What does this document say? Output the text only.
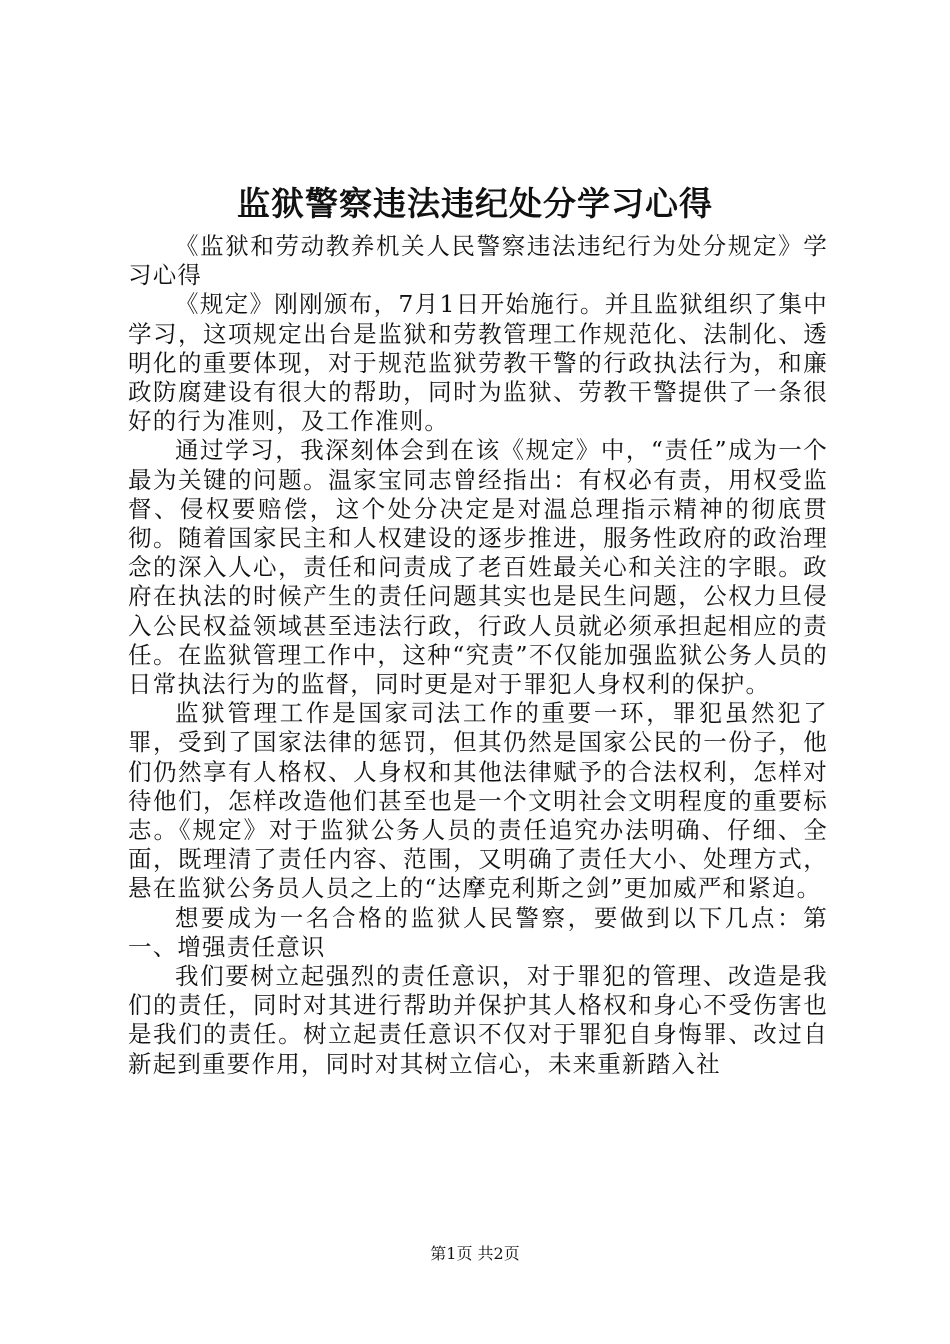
监狱警察违法违纪处分学习心得

《监狱和劳动教养机关人民警察违法违纪行为处分规定》学习心得

《规定》刚刚颁布，7月1日开始施行。并且监狱组织了集中学习，这项规定出台是监狱和劳教管理工作规范化、法制化、透明化的重要体现，对于规范监狱劳教干警的行政执法行为，和廉政防腐建设有很大的帮助，同时为监狱、劳教干警提供了一条很好的行为准则，及工作准则。

通过学习，我深刻体会到在该《规定》中，“责任”成为一个最为关键的问题。温家宝同志曾经指出：有权必有责，用权受监督、侵权要赔偿，这个处分决定是对温总理指示精神的彻底贯彻。随着国家民主和人权建设的逐步推进，服务性政府的政治理念的深入人心，责任和问责成了老百姓最关心和关注的字眼。政府在执法的时候产生的责任问题其实也是民生问题，公权力旦侵入公民权益领域甚至违法行政，行政人员就必须承担起相应的责任。在监狱管理工作中，这种“究责”不仅能加强监狱公务人员的日常执法行为的监督，同时更是对于罪犯人身权利的保护。

监狱管理工作是国家司法工作的重要一环，罪犯虽然犯了罪，受到了国家法律的惩罚，但其仍然是国家公民的一份子，他们仍然享有人格权、人身权和其他法律赋予的合法权利，怎样对待他们，怎样改造他们甚至也是一个文明社会文明程度的重要标志。《规定》对于监狱公务人员的责任追究办法明确、仔细、全面，既理清了责任内容、范围，又明确了责任大小、处理方式，悬在监狱公务员人员之上的“达摩克利斯之剑”更加威严和紧迫。

想要成为一名合格的监狱人民警察，要做到以下几点：第一、增强责任意识

我们要树立起强烈的责任意识，对于罪犯的管理、改造是我们的责任，同时对其进行帮助并保护其人格权和身心不受伤害也是我们的责任。树立起责任意识不仅对于罪犯自身悔罪、改过自新起到重要作用，同时对其树立信心，未来重新踏入社

第1页 共2页
